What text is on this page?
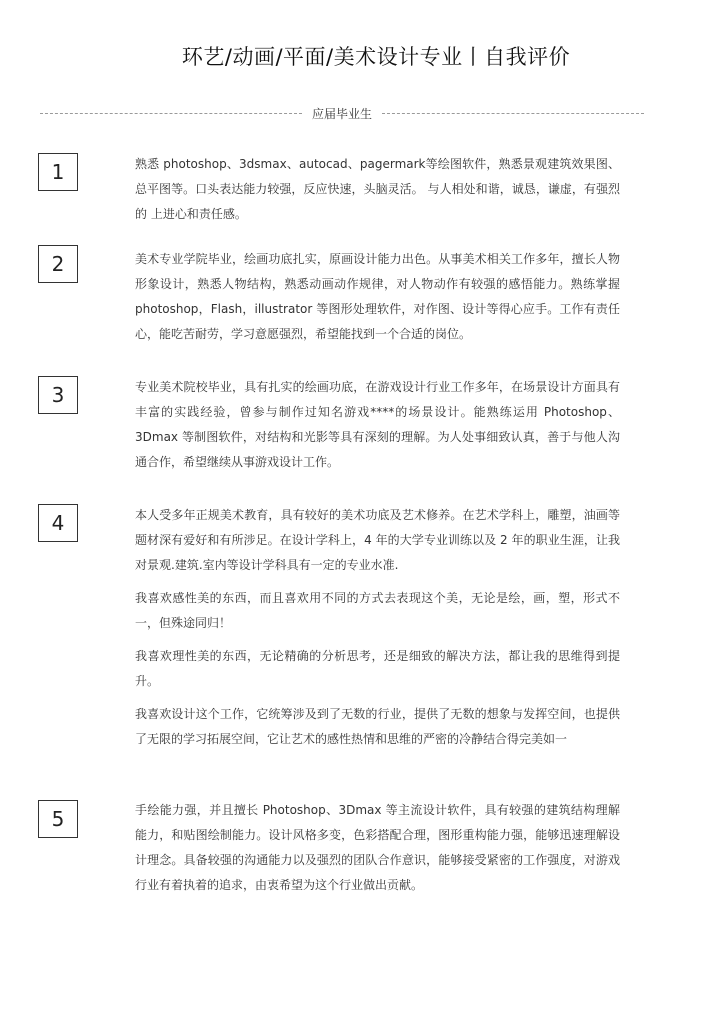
环艺/动画/平面/美术设计专业丨自我评价
应届毕业生
1	熟悉 photoshop、3dsmax、autocad、pagermark等绘图软件，熟悉景观建筑效果图、总平图等。口头表达能力较强，反应快速，头脑灵活。 与人相处和谐，诚恳，谦虚，有强烈的 上进心和责任感。

2	美术专业学院毕业，绘画功底扎实，原画设计能力出色。从事美术相关工作多年，擅长人物形象设计，熟悉人物结构，熟悉动画动作规律，对人物动作有较强的感悟能力。熟练掌握 photoshop，Flash，illustrator 等图形处理软件，对作图、设计等得心应手。工作有责任心，能吃苦耐劳，学习意愿强烈，希望能找到一个合适的岗位。

3	专业美术院校毕业，具有扎实的绘画功底，在游戏设计行业工作多年，在场景设计方面具有丰富的实践经验，曾参与制作过知名游戏****的场景设计。能熟练运用 Photoshop、3Dmax 等制图软件，对结构和光影等具有深刻的理解。为人处事细致认真，善于与他人沟通合作，希望继续从事游戏设计工作。

4	本人受多年正规美术教育，具有较好的美术功底及艺术修养。在艺术学科上，雕塑，油画等题材深有爱好和有所涉足。在设计学科上，4 年的大学专业训练以及 2 年的职业生涯，让我对景观.建筑.室内等设计学科具有一定的专业水准.

我喜欢感性美的东西，而且喜欢用不同的方式去表现这个美，无论是绘，画，塑，形式不一，但殊途同归！

我喜欢理性美的东西，无论精确的分析思考，还是细致的解决方法，都让我的思维得到提升。

我喜欢设计这个工作，它统筹涉及到了无数的行业，提供了无数的想象与发挥空间，也提供了无限的学习拓展空间，它让艺术的感性热情和思维的严密的冷静结合得完美如一

5	手绘能力强，并且擅长 Photoshop、3Dmax 等主流设计软件，具有较强的建筑结构理解能力，和贴图绘制能力。设计风格多变，色彩搭配合理，图形重构能力强，能够迅速理解设计理念。具备较强的沟通能力以及强烈的团队合作意识，能够接受紧密的工作强度，对游戏行业有着执着的追求，由衷希望为这个行业做出贡献。
